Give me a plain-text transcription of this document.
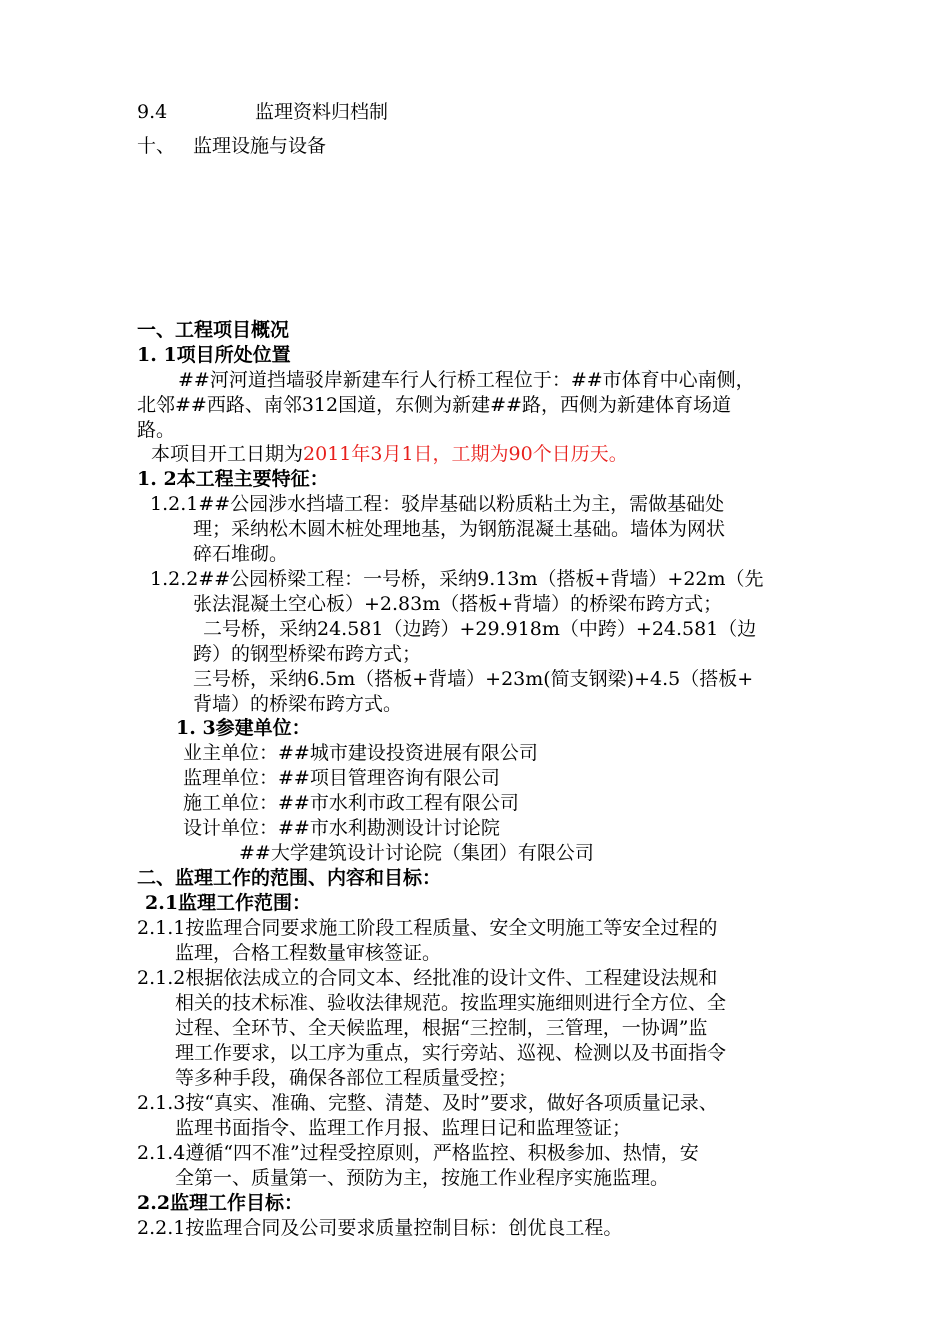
9.4	监理资料归档制
十、 监理设施与设备
一、工程项目概况
1. 1项目所处位置
##河河道挡墙驳岸新建车行人行桥工程位于：##市体育中心南侧，
北邻##西路、南邻312国道，东侧为新建##路，西侧为新建体育场道
路。
本项目开工日期为2011年3月1日，工期为90个日历天。
1. 2本工程主要特征：
1.2.1##公园涉水挡墙工程：驳岸基础以粉质粘土为主，需做基础处
理；采纳松木圆木桩处理地基，为钢筋混凝土基础。墙体为网状
碎石堆砌。
1.2.2##公园桥梁工程：一号桥，采纳9.13m（搭板+背墙）+22m（先
张法混凝土空心板）+2.83m（搭板+背墙）的桥梁布跨方式；
二号桥，采纳24.581（边跨）+29.918m（中跨）+24.581（边
跨）的钢型桥梁布跨方式；
三号桥，采纳6.5m（搭板+背墙）+23m(简支钢梁)+4.5（搭板+
背墙）的桥梁布跨方式。
1. 3参建单位：
业主单位：##城市建设投资进展有限公司
监理单位：##项目管理咨询有限公司
施工单位：##市水利市政工程有限公司
设计单位：##市水利勘测设计讨论院
##大学建筑设计讨论院（集团）有限公司
二、监理工作的范围、内容和目标：
2.1监理工作范围：
2.1.1按监理合同要求施工阶段工程质量、安全文明施工等安全过程的
监理，合格工程数量审核签证。
2.1.2根据依法成立的合同文本、经批准的设计文件、工程建设法规和
相关的技术标准、验收法律规范。按监理实施细则进行全方位、全
过程、全环节、全天候监理，根据“三控制，三管理，一协调”监
理工作要求，以工序为重点，实行旁站、巡视、检测以及书面指令
等多种手段，确保各部位工程质量受控；
2.1.3按“真实、准确、完整、清楚、及时”要求，做好各项质量记录、
监理书面指令、监理工作月报、监理日记和监理签证；
2.1.4遵循“四不准”过程受控原则，严格监控、积极参加、热情，安
全第一、质量第一、预防为主，按施工作业程序实施监理。
2.2监理工作目标：
2.2.1按监理合同及公司要求质量控制目标：创优良工程。
